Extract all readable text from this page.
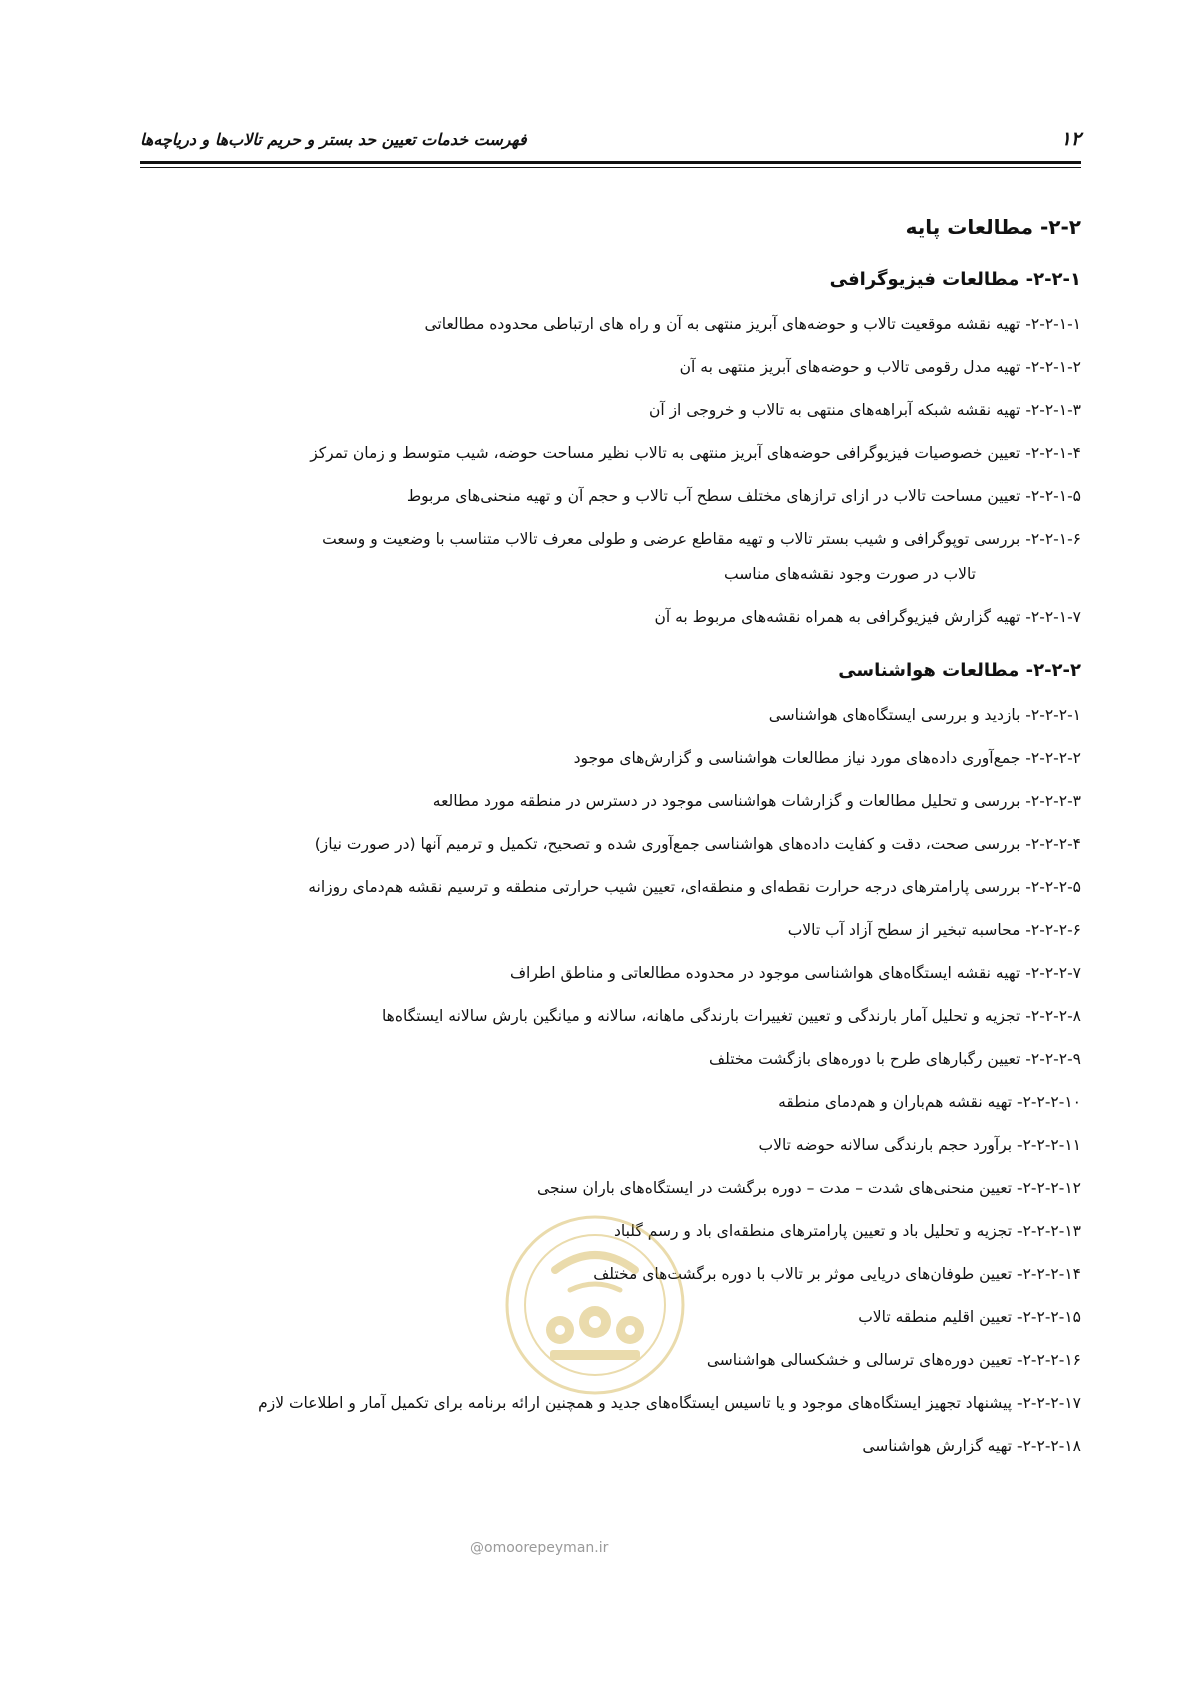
۱۲
فهرست خدمات تعیین حد بستر و حریم تالاب‌ها و دریاچه‌ها
۲-۲- مطالعات پایه
۲-۲-۱- مطالعات فیزیوگرافی
۲-۲-۱-۱- تهیه نقشه موقعیت تالاب و حوضه‌های آبریز منتهی به آن و راه های ارتباطی محدوده مطالعاتی
۲-۲-۱-۲- تهیه مدل رقومی تالاب و حوضه‌های آبریز منتهی به آن
۲-۲-۱-۳- تهیه نقشه شبکه آبراهه‌های منتهی به تالاب و خروجی از آن
۲-۲-۱-۴- تعیین خصوصیات فیزیوگرافی حوضه‌های آبریز منتهی به تالاب نظیر مساحت حوضه، شیب متوسط و زمان تمرکز
۲-۲-۱-۵- تعیین مساحت تالاب در ازای ترازهای مختلف سطح آب تالاب و حجم آن و تهیه منحنی‌های مربوط
۲-۲-۱-۶- بررسی توپوگرافی و شیب بستر تالاب و تهیه مقاطع عرضی و طولی معرف تالاب متناسب با وضعیت و وسعت
تالاب در صورت وجود نقشه‌های مناسب
۲-۲-۱-۷- تهیه گزارش فیزیوگرافی به همراه نقشه‌های مربوط به آن
۲-۲-۲- مطالعات هواشناسی
۲-۲-۲-۱- بازدید و بررسی ایستگاه‌های هواشناسی
۲-۲-۲-۲- جمع‌آوری داده‌های مورد نیاز مطالعات هواشناسی و گزارش‌های موجود
۲-۲-۲-۳- بررسی و تحلیل مطالعات و گزارشات هواشناسی موجود در دسترس در منطقه مورد مطالعه
۲-۲-۲-۴- بررسی صحت، دقت و کفایت داده‌های هواشناسی جمع‌آوری شده و تصحیح، تکمیل و ترمیم آنها (در صورت نیاز)
۲-۲-۲-۵- بررسی پارامترهای درجه حرارت نقطه‌ای و منطقه‌ای، تعیین شیب حرارتی منطقه و ترسیم نقشه هم‌دمای روزانه
۲-۲-۲-۶- محاسبه تبخیر از سطح آزاد آب تالاب
۲-۲-۲-۷- تهیه نقشه ایستگاه‌های هواشناسی موجود در محدوده مطالعاتی و مناطق اطراف
۲-۲-۲-۸- تجزیه و تحلیل آمار بارندگی و تعیین تغییرات بارندگی ماهانه، سالانه و میانگین بارش سالانه ایستگاه‌ها
۲-۲-۲-۹- تعیین رگبارهای طرح با دوره‌های بازگشت مختلف
۲-۲-۲-۱۰- تهیه نقشه هم‌باران و هم‌دمای منطقه
۲-۲-۲-۱۱- برآورد حجم بارندگی سالانه حوضه تالاب
۲-۲-۲-۱۲- تعیین منحنی‌های شدت – مدت – دوره برگشت در ایستگاه‌های باران سنجی
۲-۲-۲-۱۳- تجزیه و تحلیل باد و تعیین پارامترهای منطقه‌ای باد و رسم گلباد
۲-۲-۲-۱۴- تعیین طوفان‌های دریایی موثر بر تالاب با دوره برگشت‌های مختلف
۲-۲-۲-۱۵- تعیین اقلیم منطقه تالاب
۲-۲-۲-۱۶- تعیین دوره‌های ترسالی و خشکسالی هواشناسی
۲-۲-۲-۱۷- پیشنهاد تجهیز ایستگاه‌های موجود و یا تاسیس ایستگاه‌های جدید و همچنین ارائه برنامه برای تکمیل آمار و اطلاعات لازم
۲-۲-۲-۱۸- تهیه گزارش هواشناسی
@omoorepeyman.ir
